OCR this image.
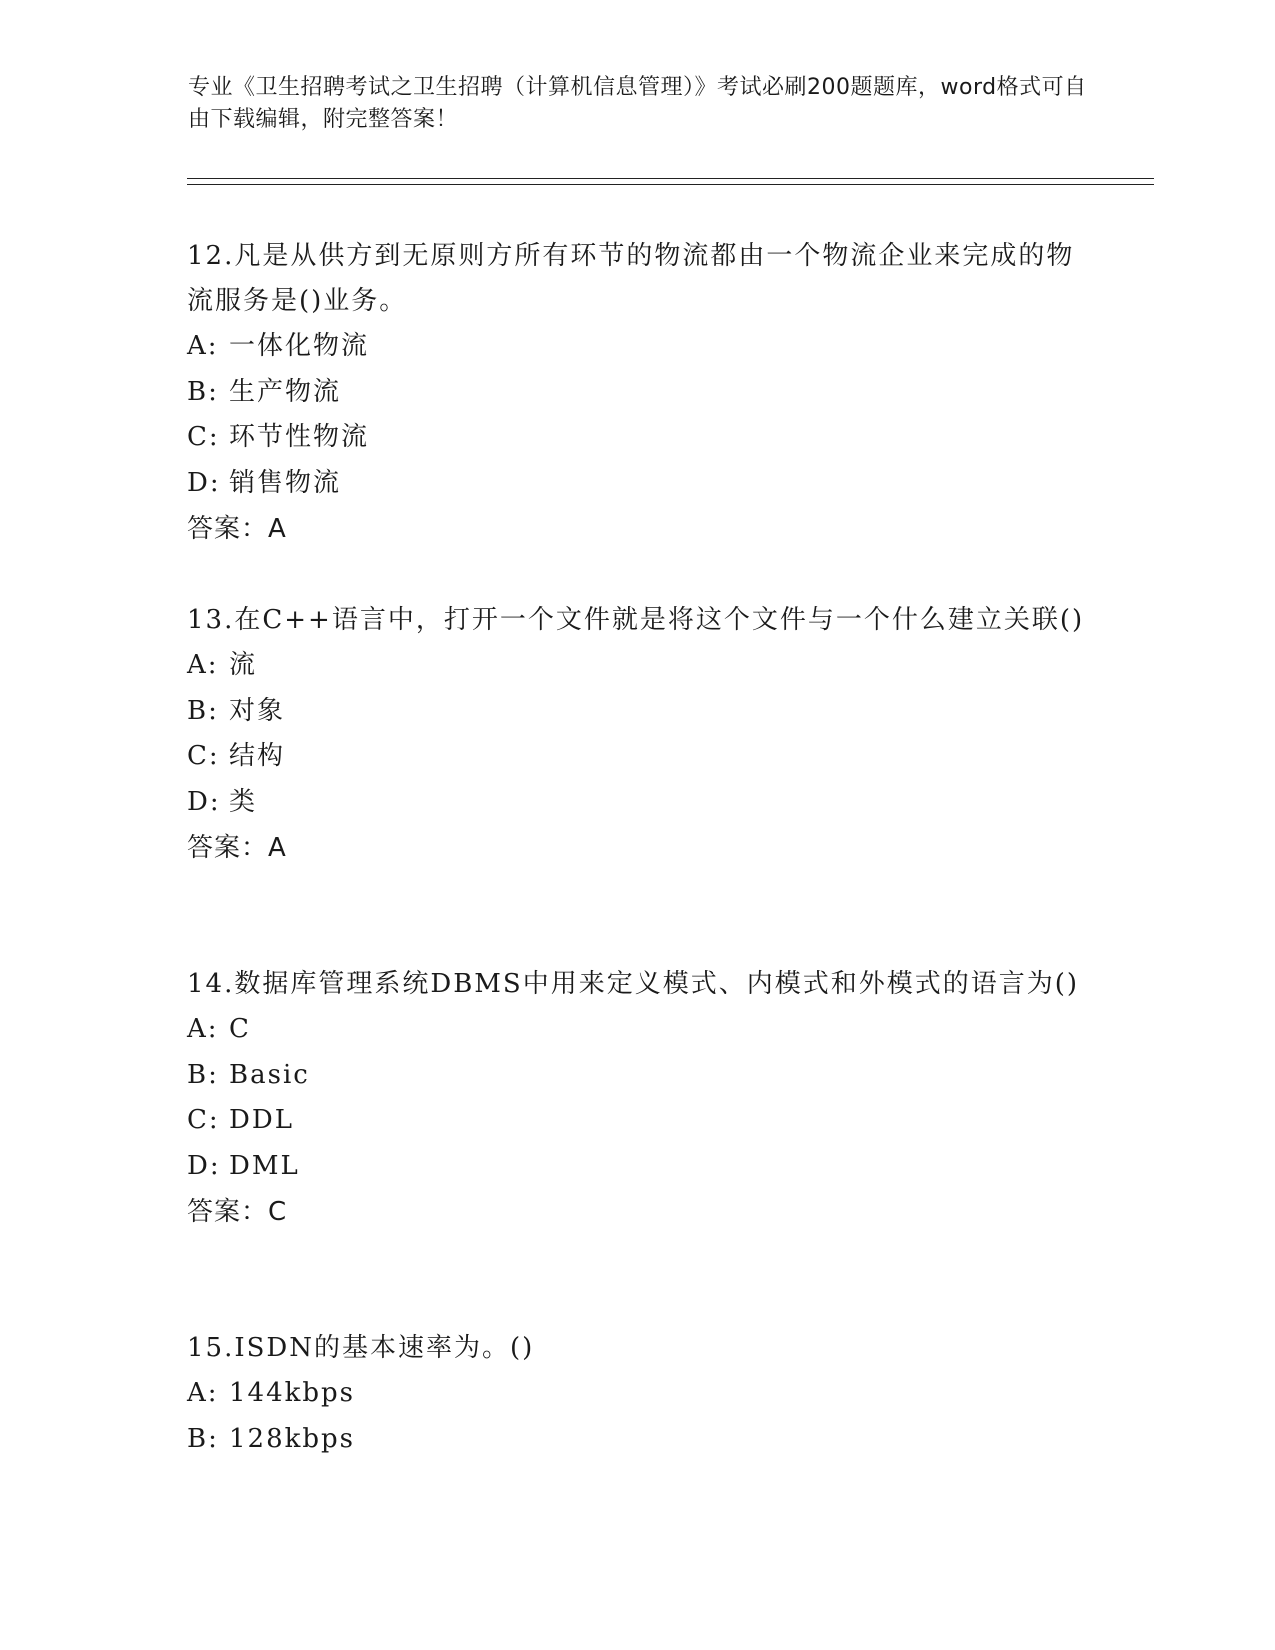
专业《卫生招聘考试之卫生招聘（计算机信息管理）》考试必刷200题题库，word格式可自由下载编辑，附完整答案！
12.凡是从供方到无原则方所有环节的物流都由一个物流企业来完成的物流服务是()业务。
A: 一体化物流
B: 生产物流
C: 环节性物流
D: 销售物流
答案：A
13.在C++语言中，打开一个文件就是将这个文件与一个什么建立关联()
A: 流
B: 对象
C: 结构
D: 类
答案：A
14.数据库管理系统DBMS中用来定义模式、内模式和外模式的语言为()
A: C
B: Basic
C: DDL
D: DML
答案：C
15.ISDN的基本速率为。()
A: 144kbps
B: 128kbps
